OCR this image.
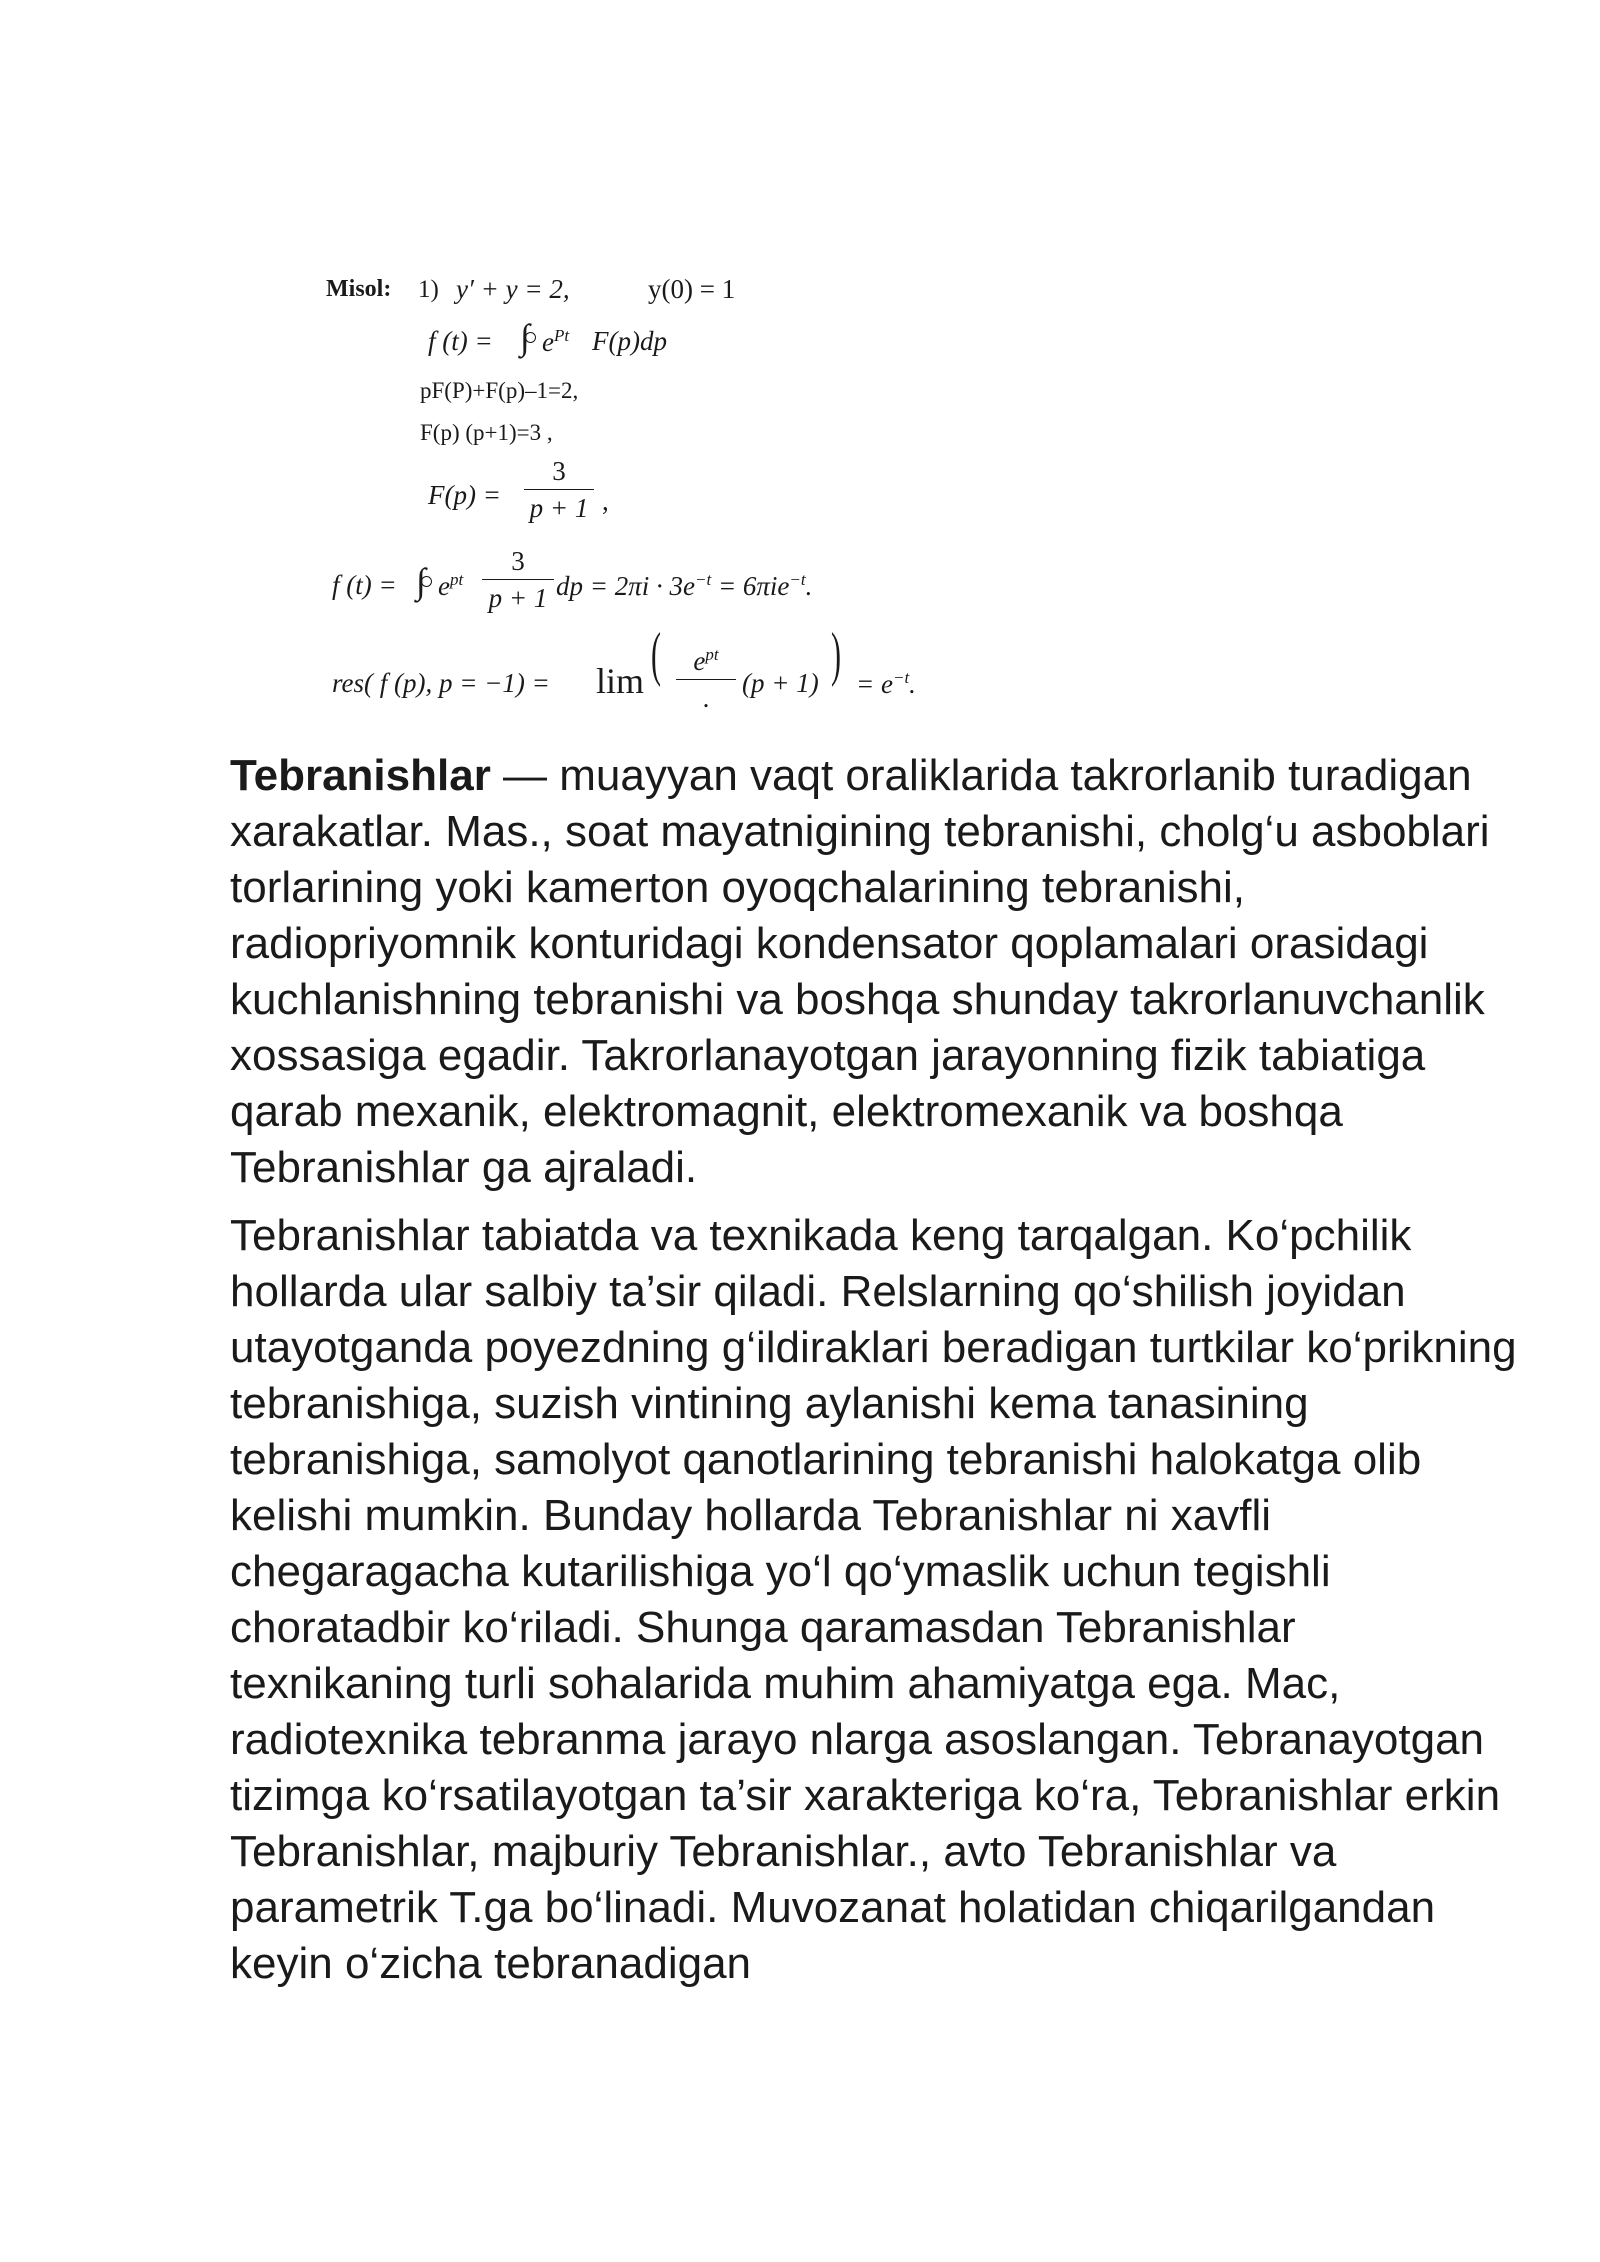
Misol: 1) y′ + y = 2,	y(0) = 1
f (t) = ∫ $e^{Pt}$ F(p)dp
pF(P)+F(p)–1=2,
F(p) (p+1)=3 ,
F(p) =
3
p + 1 ,
f (t) = ∫ $e^{pt}$
3
p + 1 dp = $2\pi i \cdot 3e^{-t} = 6\pi ie^{-t}$.
res( f (p), p = −1) = lim ( $e^{pt}$
. (p + 1) ) = $e^{-t}$.

Tebranishlar — muayyan vaqt oraliklarida takrorlanib turadigan xarakatlar. Mas., soat mayatnigining tebranishi, cholg‘u asboblari torlarining yoki kamerton oyoqchalarining tebranishi, radiopriyomnik konturidagi kondensator qoplamalari orasidagi kuchlanishning tebranishi va boshqa shunday takrorlanuvchanlik xossasiga egadir. Takrorlanayotgan jarayonning fizik tabiatiga qarab mexanik, elektromagnit, elektromexanik va boshqa Tebranishlar ga ajraladi.

Tebranishlar tabiatda va texnikada keng tarqalgan. Ko‘pchilik hollarda ular salbiy ta’sir qiladi. Relslarning qo‘shilish joyidan utayotganda poyezdning g‘ildiraklari beradigan turtkilar ko‘prikning tebranishiga, suzish vintining aylanishi kema tanasining tebranishiga, samolyot qanotlarining tebranishi halokatga olib kelishi mumkin. Bunday hollarda Tebranishlar ni xavfli chegaragacha kutarilishiga yo‘l qo‘ymaslik uchun tegishli choratadbir ko‘riladi. Shunga qaramasdan Tebranishlar texnikaning turli sohalarida muhim ahamiyatga ega. Mac, radiotexnika tebranma jarayo nlarga asoslangan. Tebranayotgan tizimga ko‘rsatilayotgan ta’sir xarakteriga ko‘ra, Tebranishlar erkin Tebranishlar, majburiy Tebranishlar., avto Tebranishlar va parametrik T.ga bo‘linadi. Muvozanat holatidan chiqarilgandan keyin o‘zicha tebranadigan
